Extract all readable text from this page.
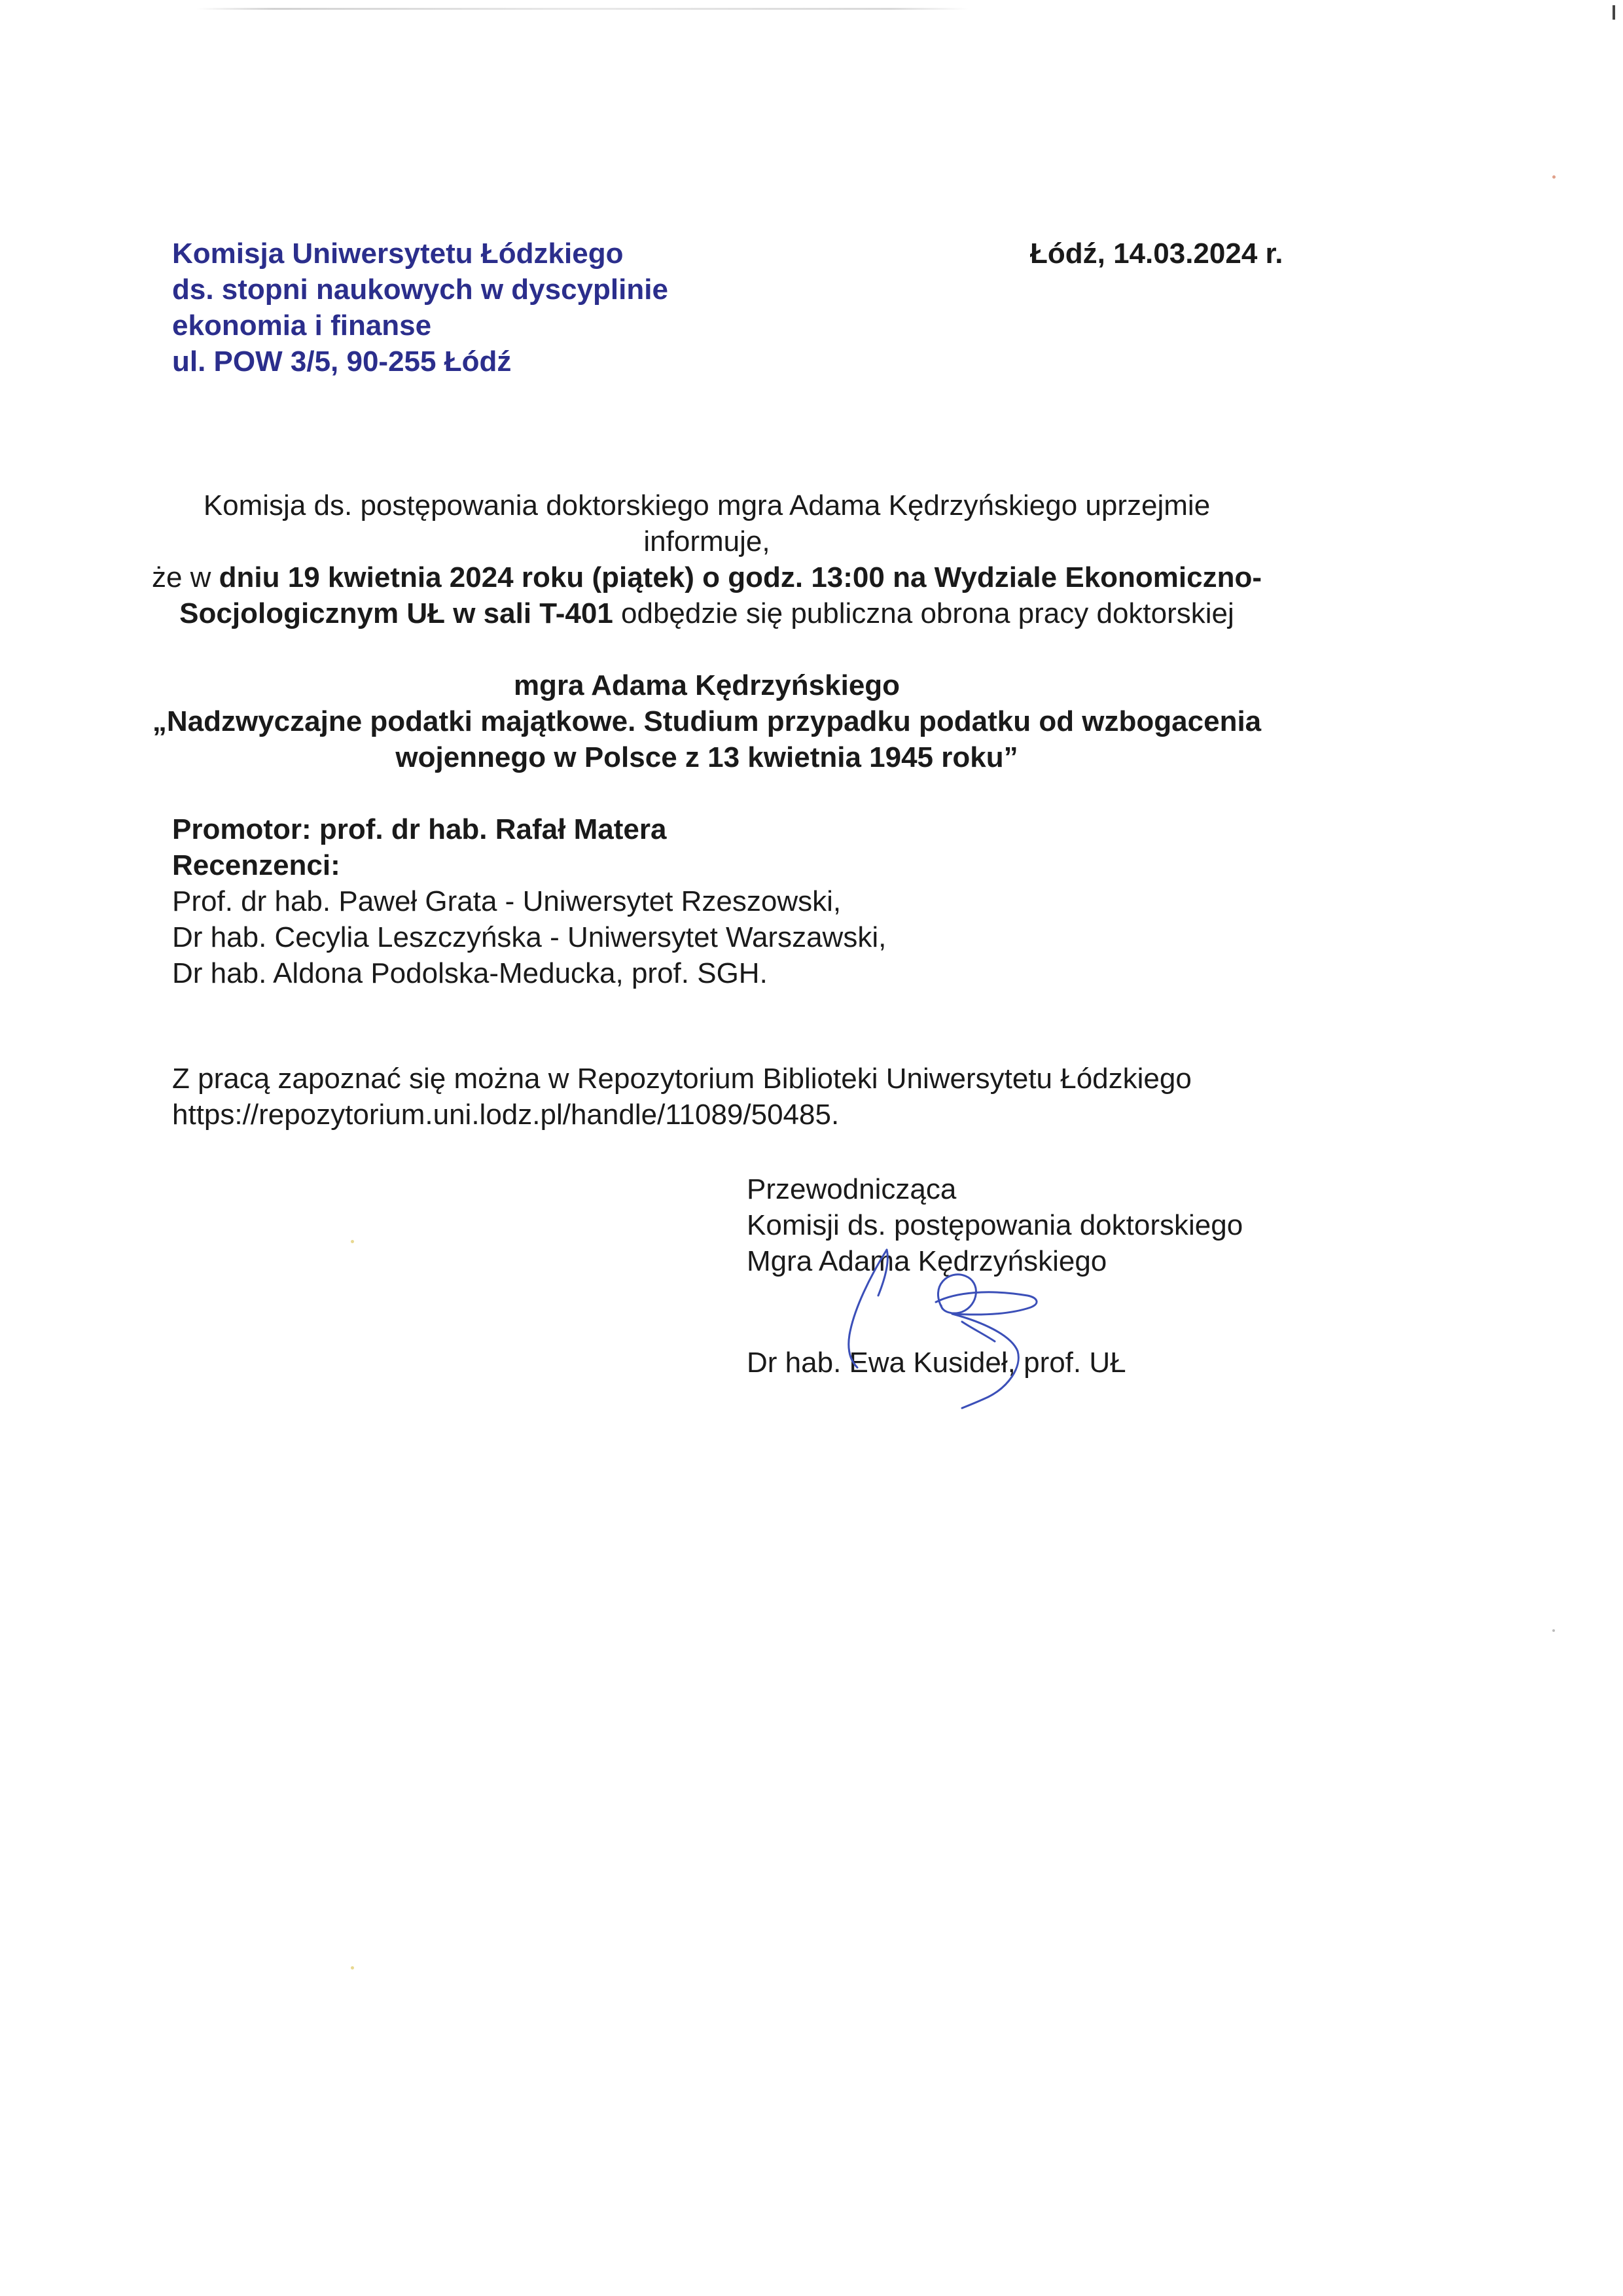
Komisja Uniwersytetu Łódzkiego
ds. stopni naukowych w dyscyplinie
ekonomia i finanse
ul. POW 3/5, 90-255 Łódź
Łódź, 14.03.2024 r.
Komisja ds. postępowania doktorskiego mgra Adama Kędrzyńskiego uprzejmie
informuje,
że w dniu 19 kwietnia 2024 roku (piątek) o godz. 13:00 na Wydziale Ekonomiczno-
Socjologicznym UŁ w sali T-401 odbędzie się publiczna obrona pracy doktorskiej
mgra Adama Kędrzyńskiego
„Nadzwyczajne podatki majątkowe. Studium przypadku podatku od wzbogacenia
wojennego w Polsce z 13 kwietnia 1945 roku”
Promotor: prof. dr hab. Rafał Matera
Recenzenci:
Prof. dr hab. Paweł Grata - Uniwersytet Rzeszowski,
Dr hab. Cecylia Leszczyńska - Uniwersytet Warszawski,
Dr hab. Aldona Podolska-Meducka, prof. SGH.
Z pracą zapoznać się można w Repozytorium Biblioteki Uniwersytetu Łódzkiego
https://repozytorium.uni.lodz.pl/handle/11089/50485.
Przewodnicząca
Komisji ds. postępowania doktorskiego
Mgra Adama Kędrzyńskiego
Dr hab. Ewa Kusideł, prof. UŁ
